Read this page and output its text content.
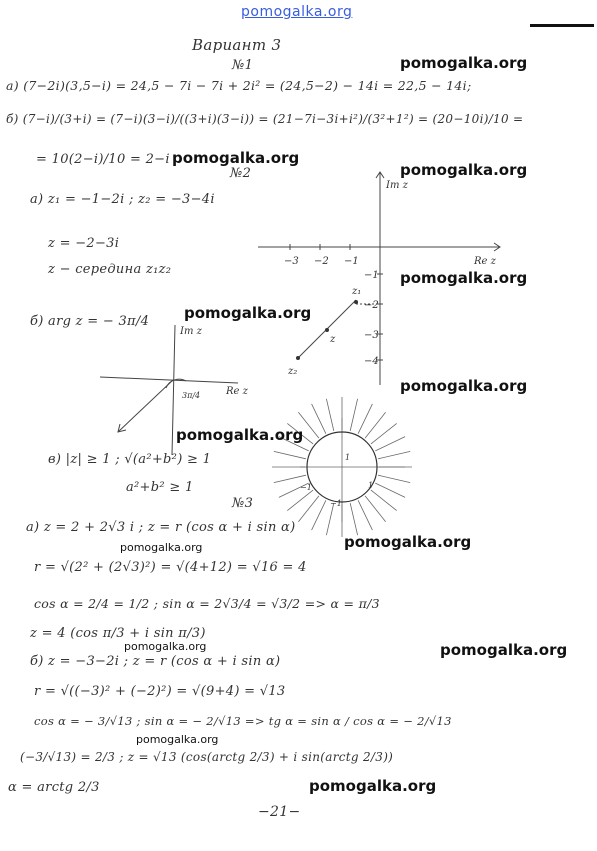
pomogalka.org
Вариант 3
№1
а) (7−2i)(3,5−i) = 24,5 − 7i − 7i + 2i² = (24,5−2) − 14i = 22,5 − 14i;
б) (7−i)/(3+i) = (7−i)(3−i)/((3+i)(3−i)) = (21−7i−3i+i²)/(3²+1²) = (20−10i)/10 =
= 10(2−i)/10 = 2−i
№2
а) z₁ = −1−2i ; z₂ = −3−4i
z = −2−3i
z − середина z₁z₂
б) arg z = − 3π/4
в) |z| ≥ 1 ; √(a²+b²) ≥ 1
a²+b² ≥ 1
№3
а) z = 2 + 2√3 i ; z = r (cos α + i sin α)
r = √(2² + (2√3)²) = √(4+12) = √16 = 4
cos α = 2/4 = 1/2 ; sin α = 2√3/4 = √3/2 => α = π/3
z = 4 (cos π/3 + i sin π/3)
б) z = −3−2i ; z = r (cos α + i sin α)
r = √((−3)² + (−2)²) = √(9+4) = √13
cos α = − 3/√13 ; sin α = − 2/√13 => tg α = sin α / cos α = − 2/√13
(−3/√13) = 2/3 ; z = √13 (cos(arctg 2/3) + i sin(arctg 2/3))
α = arctg 2/3
−21−
Re z
Im z
−3 −2 −1
−1
−2
−3
−4
z₁
z
z₂
Re z
Im z
3π/4
1
−1	1
−1
pomogalka.org
pomogalka.org
pomogalka.org
pomogalka.org
pomogalka.org
pomogalka.org
pomogalka.org
pomogalka.org
pomogalka.org
pomogalka.org	pomogalka.org
pomogalka.org
pomogalka.org
